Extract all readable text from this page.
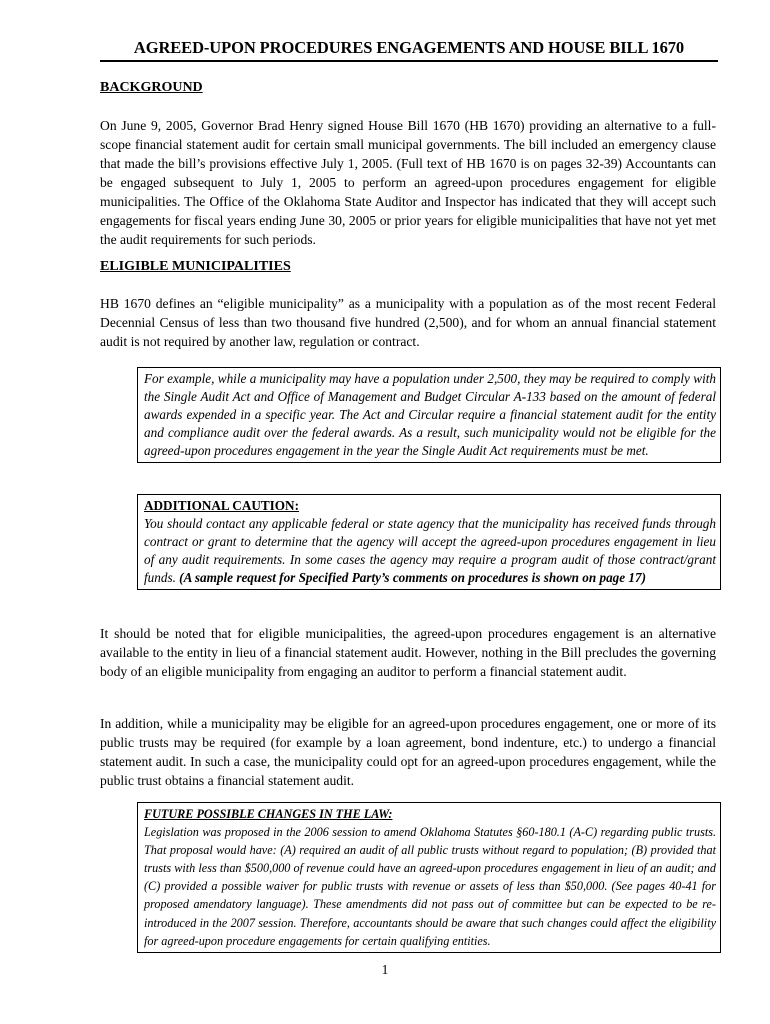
AGREED-UPON PROCEDURES ENGAGEMENTS AND HOUSE BILL 1670
BACKGROUND
On June 9, 2005, Governor Brad Henry signed House Bill 1670 (HB 1670) providing an alternative to a full-scope financial statement audit for certain small municipal governments. The bill included an emergency clause that made the bill’s provisions effective July 1, 2005. (Full text of HB 1670 is on pages 32-39) Accountants can be engaged subsequent to July 1, 2005 to perform an agreed-upon procedures engagement for eligible municipalities. The Office of the Oklahoma State Auditor and Inspector has indicated that they will accept such engagements for fiscal years ending June 30, 2005 or prior years for eligible municipalities that have not yet met the audit requirements for such periods.
ELIGIBLE MUNICIPALITIES
HB 1670 defines an “eligible municipality” as a municipality with a population as of the most recent Federal Decennial Census of less than two thousand five hundred (2,500), and for whom an annual financial statement audit is not required by another law, regulation or contract.
For example, while a municipality may have a population under 2,500, they may be required to comply with the Single Audit Act and Office of Management and Budget Circular A-133 based on the amount of federal awards expended in a specific year. The Act and Circular require a financial statement audit for the entity and compliance audit over the federal awards. As a result, such municipality would not be eligible for the agreed-upon procedures engagement in the year the Single Audit Act requirements must be met.
ADDITIONAL CAUTION:
You should contact any applicable federal or state agency that the municipality has received funds through contract or grant to determine that the agency will accept the agreed-upon procedures engagement in lieu of any audit requirements. In some cases the agency may require a program audit of those contract/grant funds. (A sample request for Specified Party’s comments on procedures is shown on page 17)
It should be noted that for eligible municipalities, the agreed-upon procedures engagement is an alternative available to the entity in lieu of a financial statement audit. However, nothing in the Bill precludes the governing body of an eligible municipality from engaging an auditor to perform a financial statement audit.
In addition, while a municipality may be eligible for an agreed-upon procedures engagement, one or more of its public trusts may be required (for example by a loan agreement, bond indenture, etc.) to undergo a financial statement audit. In such a case, the municipality could opt for an agreed-upon procedures engagement, while the public trust obtains a financial statement audit.
FUTURE POSSIBLE CHANGES IN THE LAW:
Legislation was proposed in the 2006 session to amend Oklahoma Statutes §60-180.1 (A-C) regarding public trusts. That proposal would have: (A) required an audit of all public trusts without regard to population; (B) provided that trusts with less than $500,000 of revenue could have an agreed-upon procedures engagement in lieu of an audit; and (C) provided a possible waiver for public trusts with revenue or assets of less than $50,000. (See pages 40-41 for proposed amendatory language). These amendments did not pass out of committee but can be expected to be re-introduced in the 2007 session. Therefore, accountants should be aware that such changes could affect the eligibility for agreed-upon procedure engagements for certain qualifying entities.
1
